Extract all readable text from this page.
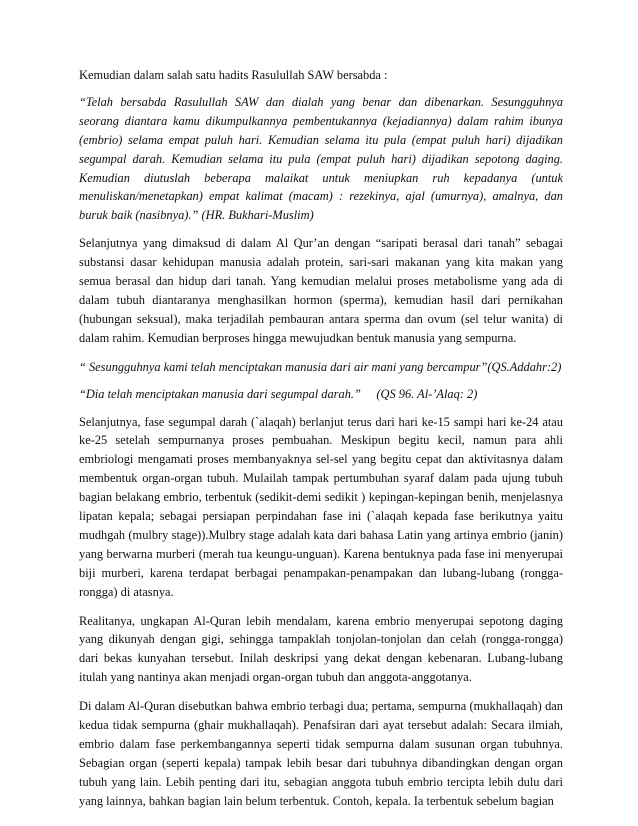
Kemudian dalam salah satu hadits Rasulullah SAW bersabda :

“Telah bersabda Rasulullah SAW dan dialah yang benar dan dibenarkan. Sesungguhnya seorang diantara kamu dikumpulkannya pembentukannya (kejadiannya) dalam rahim ibunya (embrio) selama empat puluh hari. Kemudian selama itu pula (empat puluh hari) dijadikan segumpal darah. Kemudian selama itu pula (empat puluh hari) dijadikan sepotong daging. Kemudian diutuslah beberapa malaikat untuk meniupkan ruh kepadanya (untuk menuliskan/menetapkan) empat kalimat (macam) : rezekinya, ajal (umurnya), amalnya, dan buruk baik (nasibnya).” (HR. Bukhari-Muslim)

Selanjutnya yang dimaksud di dalam Al Qur’an dengan “saripati berasal dari tanah” sebagai substansi dasar kehidupan manusia adalah protein, sari-sari makanan yang kita makan yang semua berasal dan hidup dari tanah. Yang kemudian melalui proses metabolisme yang ada di dalam tubuh diantaranya menghasilkan hormon (sperma), kemudian hasil dari pernikahan (hubungan seksual), maka terjadilah pembauran antara sperma dan ovum (sel telur wanita) di dalam rahim. Kemudian berproses hingga mewujudkan bentuk manusia yang sempurna.

“ Sesungguhnya kami telah menciptakan manusia dari air mani yang bercampur”(QS.Addahr:2)

“Dia telah menciptakan manusia dari segumpal darah.” (QS 96. Al-’Alaq: 2)

Selanjutnya, fase segumpal darah (`alaqah) berlanjut terus dari hari ke-15 sampi hari ke-24 atau ke-25 setelah sempurnanya proses pembuahan. Meskipun begitu kecil, namun para ahli embriologi mengamati proses membanyaknya sel-sel yang begitu cepat dan aktivitasnya dalam membentuk organ-organ tubuh. Mulailah tampak pertumbuhan syaraf dalam pada ujung tubuh bagian belakang embrio, terbentuk (sedikit-demi sedikit ) kepingan-kepingan benih, menjelasnya lipatan kepala; sebagai persiapan perpindahan fase ini (`alaqah kepada fase berikutnya yaitu mudhgah (mulbry stage)).Mulbry stage adalah kata dari bahasa Latin yang artinya embrio (janin) yang berwarna murberi (merah tua keungu-unguan). Karena bentuknya pada fase ini menyerupai biji murberi, karena terdapat berbagai penampakan-penampakan dan lubang-lubang (rongga-rongga) di atasnya.

Realitanya, ungkapan Al-Quran lebih mendalam, karena embrio menyerupai sepotong daging yang dikunyah dengan gigi, sehingga tampaklah tonjolan-tonjolan dan celah (rongga-rongga) dari bekas kunyahan tersebut. Inilah deskripsi yang dekat dengan kebenaran. Lubang-lubang itulah yang nantinya akan menjadi organ-organ tubuh dan anggota-anggotanya.

Di dalam Al-Quran disebutkan bahwa embrio terbagi dua; pertama, sempurna (mukhallaqah) dan kedua tidak sempurna (ghair mukhallaqah). Penafsiran dari ayat tersebut adalah: Secara ilmiah, embrio dalam fase perkembangannya seperti tidak sempurna dalam susunan organ tubuhnya. Sebagian organ (seperti kepala) tampak lebih besar dari tubuhnya dibandingkan dengan organ tubuh yang lain. Lebih penting dari itu, sebagian anggota tubuh embrio tercipta lebih dulu dari yang lainnya, bahkan bagian lain belum terbentuk. Contoh, kepala. Ia terbentuk sebelum bagian
